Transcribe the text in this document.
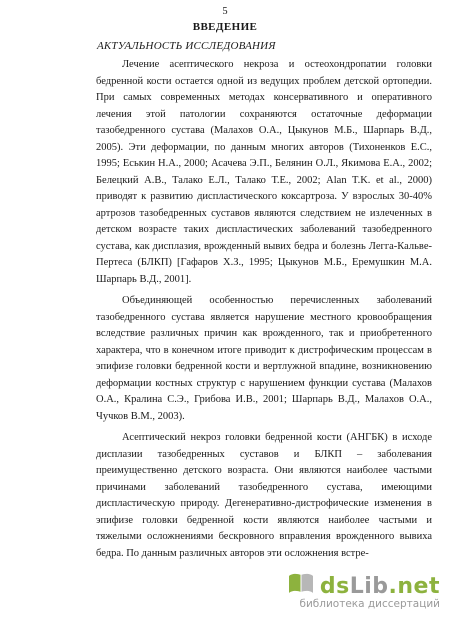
5
ВВЕДЕНИЕ
АКТУАЛЬНОСТЬ ИССЛЕДОВАНИЯ

Лечение асептического некроза и остеохондропатии головки бедренной кости остается одной из ведущих проблем детской ортопедии. При самых современных методах консервативного и оперативного лечения этой патологии сохраняются остаточные деформации тазобедренного сустава (Малахов О.А., Цыкунов М.Б., Шарпарь В.Д., 2005). Эти деформации, по данным многих авторов (Тихоненков Е.С., 1995; Еськин Н.А., 2000; Асачева Э.П., Белянин О.Л., Якимова Е.А., 2002; Белецкий А.В., Талако Е.Л., Талако Т.Е., 2002; Alan T.K. et al., 2000) приводят к развитию диспластического коксартроза. У взрослых 30-40% артрозов тазобедренных суставов являются следствием не излеченных в детском возрасте таких диспластических заболеваний тазобедренного сустава, как дисплазия, врожденный вывих бедра и болезнь Легга-Кальве-Пертеса (БЛКП) [Гафаров Х.З., 1995; Цыкунов М.Б., Еремушкин М.А. Шарпарь В.Д., 2001].

Объединяющей особенностью перечисленных заболеваний тазобедренного сустава является нарушение местного кровообращения вследствие различных причин как врожденного, так и приобретенного характера, что в конечном итоге приводит к дистрофическим процессам в эпифизе головки бедренной кости и вертлужной впадине, возникновению деформации костных структур с нарушением функции сустава (Малахов О.А., Кралина С.Э., Грибова И.В., 2001; Шарпарь В.Д., Малахов О.А., Чучков В.М., 2003).

Асептический некроз головки бедренной кости (АНГБК) в исходе дисплазии тазобедренных суставов и БЛКП – заболевания преимущественно детского возраста. Они являются наиболее частыми причинами заболеваний тазобедренного сустава, имеющими диспластическую природу. Дегенеративно-дистрофические изменения в эпифизе головки бедренной кости являются наиболее частыми и тяжелыми осложнениями бескровного вправления врожденного вывиха бедра. По данным различных авторов эти осложнения встре-

dsLib.net
библиотека диссертаций
